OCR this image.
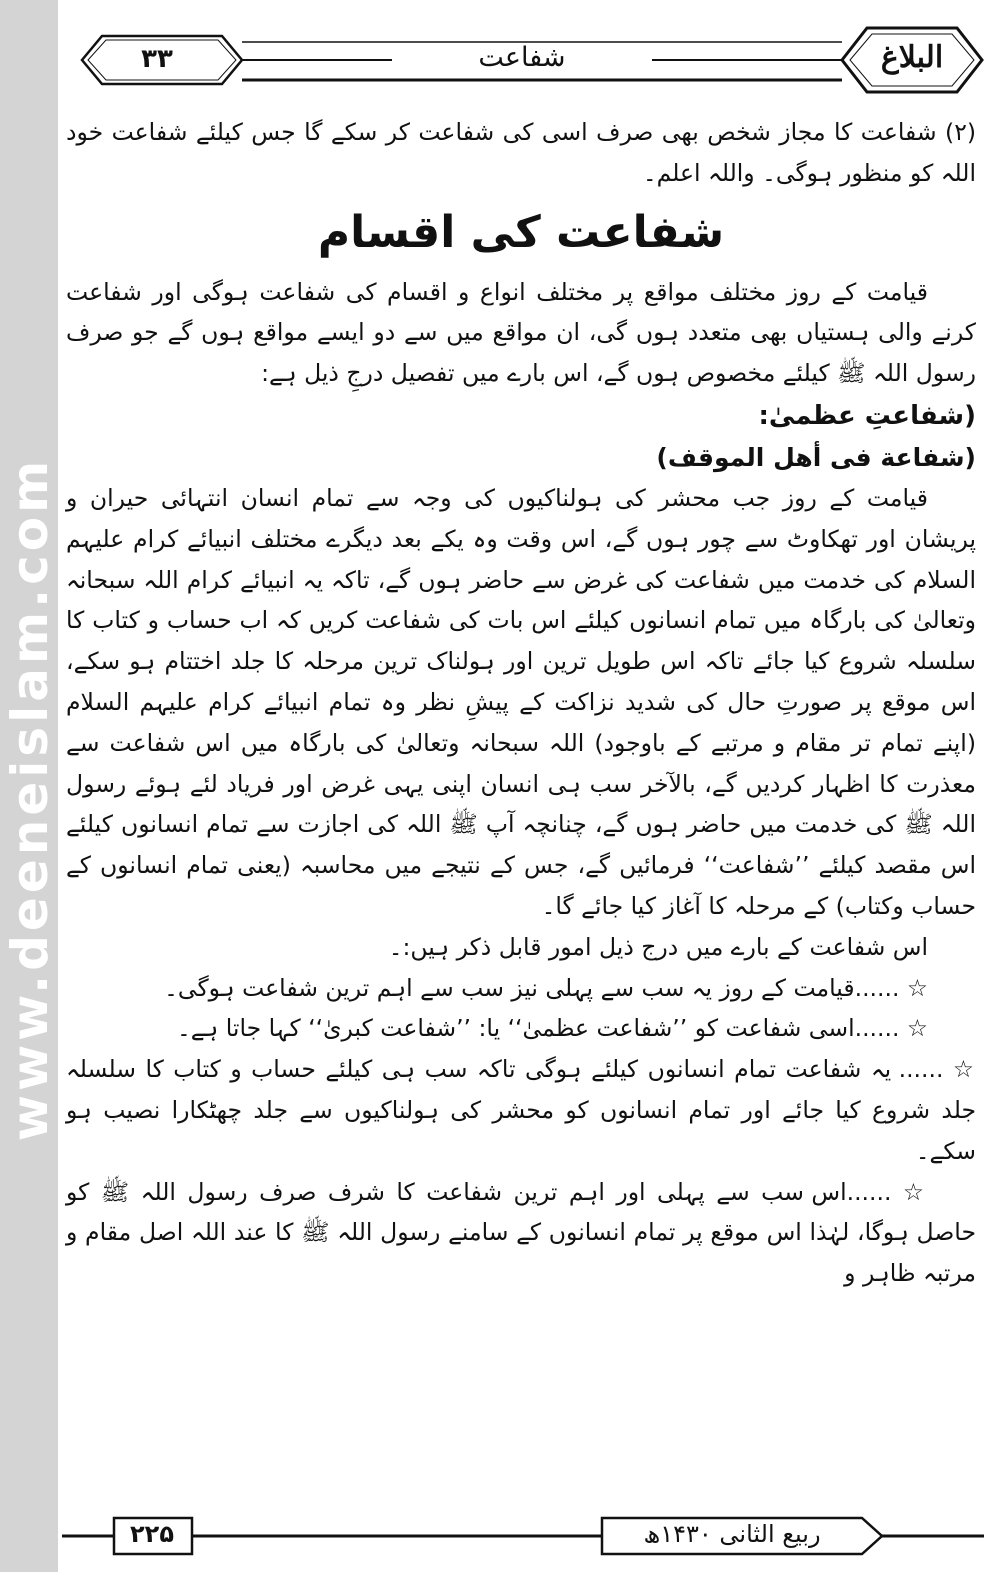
www.deeneislam.com
۳۳	شفاعت	البلاغ

(۲) شفاعت کا مجاز شخص بھی صرف اسی کی شفاعت کر سکے گا جس کیلئے شفاعت خود اللہ کو منظور ہوگی۔ واللہ اعلم۔

شفاعت کی اقسام

قیامت کے روز مختلف مواقع پر مختلف انواع و اقسام کی شفاعت ہوگی اور شفاعت کرنے والی ہستیاں بھی متعدد ہوں گی، ان مواقع میں سے دو ایسے مواقع ہوں گے جو صرف رسول اللہ ﷺ کیلئے مخصوص ہوں گے، اس بارے میں تفصیل درجِ ذیل ہے:

(شفاعتِ عظمیٰ:

(شفاعة فی أهل الموقف)

قیامت کے روز جب محشر کی ہولناکیوں کی وجہ سے تمام انسان انتہائی حیران و پریشان اور تھکاوٹ سے چور ہوں گے، اس وقت وہ یکے بعد دیگرے مختلف انبیائے کرام علیہم السلام کی خدمت میں شفاعت کی غرض سے حاضر ہوں گے، تاکہ یہ انبیائے کرام اللہ سبحانہ وتعالیٰ کی بارگاہ میں تمام انسانوں کیلئے اس بات کی شفاعت کریں کہ اب حساب و کتاب کا سلسلہ شروع کیا جائے تاکہ اس طویل ترین اور ہولناک ترین مرحلہ کا جلد اختتام ہو سکے، اس موقع پر صورتِ حال کی شدید نزاکت کے پیشِ نظر وہ تمام انبیائے کرام علیہم السلام (اپنے تمام تر مقام و مرتبے کے باوجود) اللہ سبحانہ وتعالیٰ کی بارگاہ میں اس شفاعت سے معذرت کا اظہار کردیں گے، بالآخر سب ہی انسان اپنی یہی غرض اور فریاد لئے ہوئے رسول اللہ ﷺ کی خدمت میں حاضر ہوں گے، چنانچہ آپ ﷺ اللہ کی اجازت سے تمام انسانوں کیلئے اس مقصد کیلئے ’’شفاعت‘‘ فرمائیں گے، جس کے نتیجے میں محاسبہ (یعنی تمام انسانوں کے حساب وکتاب) کے مرحلہ کا آغاز کیا جائے گا۔

اس شفاعت کے بارے میں درج ذیل امور قابل ذکر ہیں:۔

☆ ......قیامت کے روز یہ سب سے پہلی نیز سب سے اہم ترین شفاعت ہوگی۔

☆ ......اسی شفاعت کو ’’شفاعت عظمیٰ‘‘ یا: ’’شفاعت کبریٰ‘‘ کہا جاتا ہے۔

☆ ...... یہ شفاعت تمام انسانوں کیلئے ہوگی تاکہ سب ہی کیلئے حساب و کتاب کا سلسلہ جلد شروع کیا جائے اور تمام انسانوں کو محشر کی ہولناکیوں سے جلد چھٹکارا نصیب ہو سکے۔

☆ ......اس سب سے پہلی اور اہم ترین شفاعت کا شرف صرف رسول اللہ ﷺ کو حاصل ہوگا، لہٰذا اس موقع پر تمام انسانوں کے سامنے رسول اللہ ﷺ کا عند اللہ اصل مقام و مرتبہ ظاہر و

۲۲۵	ربیع الثانی ۱۴۳۰ھ
